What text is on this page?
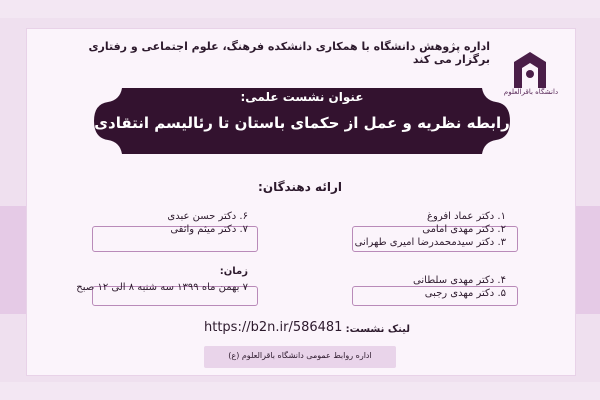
دانشگاه باقرالعلوم
اداره پژوهش دانشگاه با همکاری دانشکده فرهنگ، علوم اجتماعی و رفتاری برگزار می کند
عنوان نشست علمی:
رابطه نظریه و عمل از حکمای باستان تا رئالیسم انتقادی
ارائه دهندگان:
۱. دکتر عماد افروغ
۲. دکتر مهدی امامی
۳. دکتر سیدمحمدرضا امیری طهرانی
۴. دکتر مهدی سلطانی
۵. دکتر مهدی رجبی
۶. دکتر حسن عبدی
۷. دکتر میثم واثقی
زمان:
۷ بهمن ماه ۱۳۹۹ سه شنبه ۸ الی ۱۲ صبح
لینک نشست:
https://b2n.ir/586481
اداره روابط عمومی دانشگاه باقرالعلوم (ع)
